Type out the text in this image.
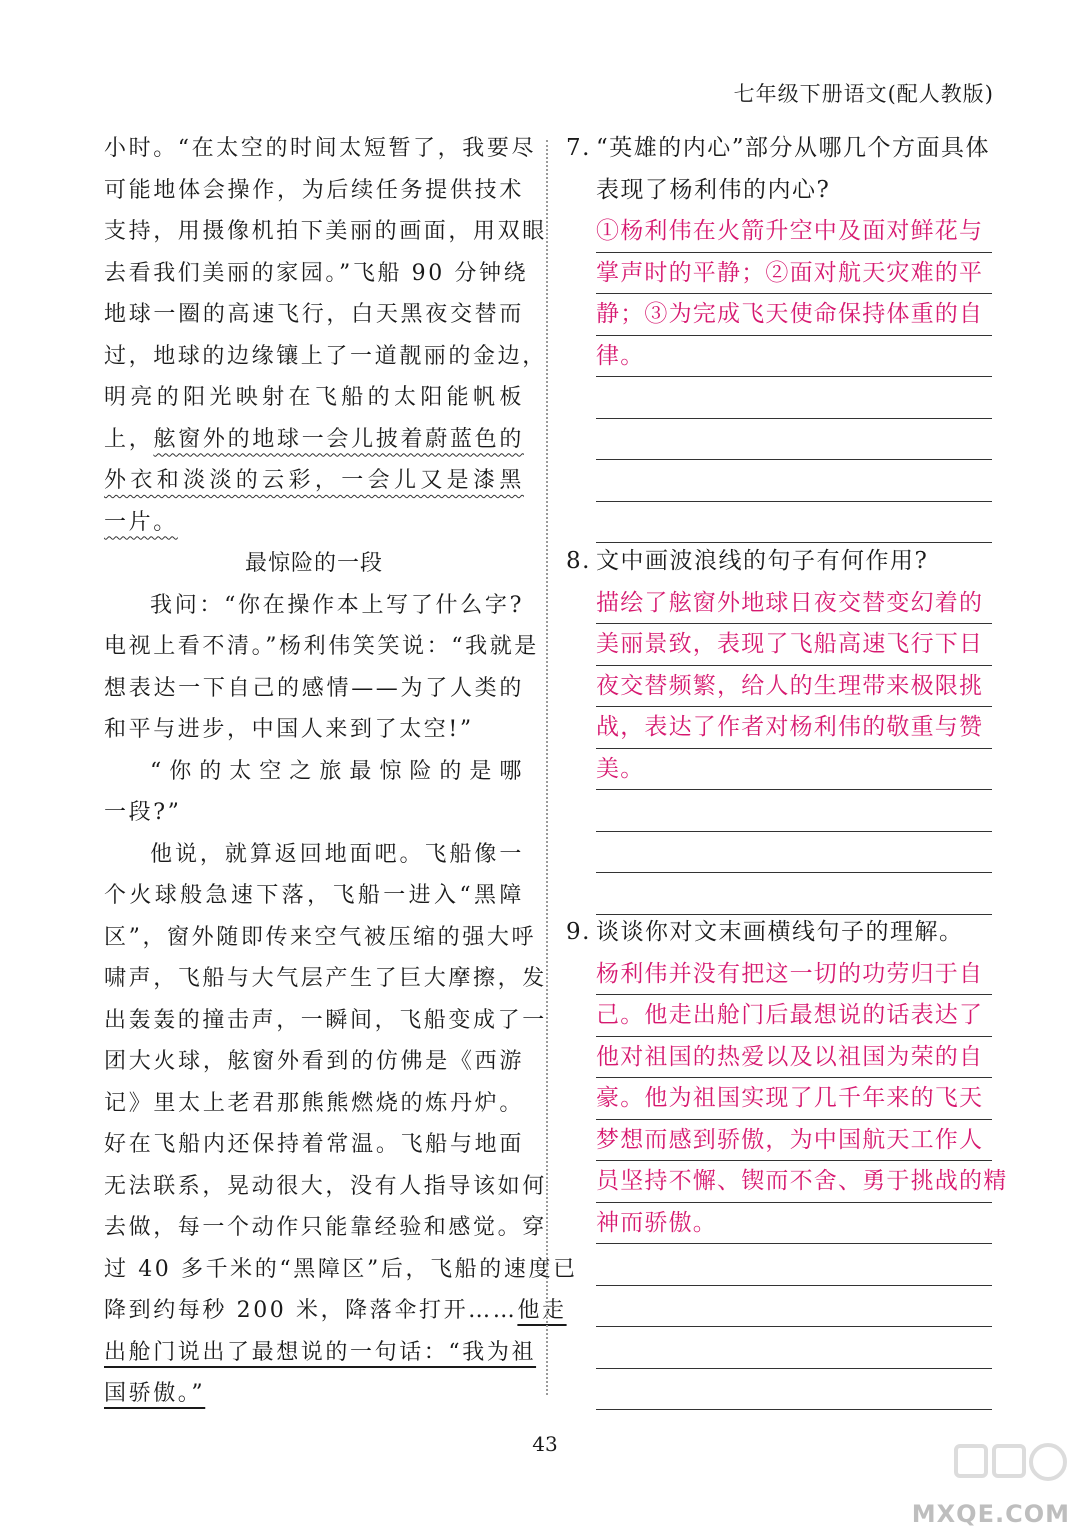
七年级下册语文(配人教版)
小时。“在太空的时间太短暂了，我要尽
可能地体会操作，为后续任务提供技术
支持，用摄像机拍下美丽的画面，用双眼
去看我们美丽的家园。”飞船 90 分钟绕
地球一圈的高速飞行，白天黑夜交替而
过，地球的边缘镶上了一道靓丽的金边，
明亮的阳光映射在飞船的太阳能帆板
上，舷窗外的地球一会儿披着蔚蓝色的
外衣和淡淡的云彩，一会儿又是漆黑
一片。
最惊险的一段
我问：“你在操作本上写了什么字?
电视上看不清。”杨利伟笑笑说：“我就是
想表达一下自己的感情——为了人类的
和平与进步，中国人来到了太空!”
“你的太空之旅最惊险的是哪
一段?”
他说，就算返回地面吧。飞船像一
个火球般急速下落，飞船一进入“黑障
区”，窗外随即传来空气被压缩的强大呼
啸声，飞船与大气层产生了巨大摩擦，发
出轰轰的撞击声，一瞬间，飞船变成了一
团大火球，舷窗外看到的仿佛是《西游
记》里太上老君那熊熊燃烧的炼丹炉。
好在飞船内还保持着常温。飞船与地面
无法联系，晃动很大，没有人指导该如何
去做，每一个动作只能靠经验和感觉。穿
过 40 多千米的“黑障区”后，飞船的速度已
降到约每秒 200 米，降落伞打开……他走
出舱门说出了最想说的一句话：“我为祖
国骄傲。”
7. “英雄的内心”部分从哪几个方面具体
表现了杨利伟的内心?
①杨利伟在火箭升空中及面对鲜花与
掌声时的平静；②面对航天灾难的平
静；③为完成飞天使命保持体重的自
律。
8. 文中画波浪线的句子有何作用?
描绘了舷窗外地球日夜交替变幻着的
美丽景致，表现了飞船高速飞行下日
夜交替频繁，给人的生理带来极限挑
战，表达了作者对杨利伟的敬重与赞
美。
9. 谈谈你对文末画横线句子的理解。
杨利伟并没有把这一切的功劳归于自
己。他走出舱门后最想说的话表达了
他对祖国的热爱以及以祖国为荣的自
豪。他为祖国实现了几千年来的飞天
梦想而感到骄傲，为中国航天工作人
员坚持不懈、锲而不舍、勇于挑战的精
神而骄傲。
43
MXQE.COM
